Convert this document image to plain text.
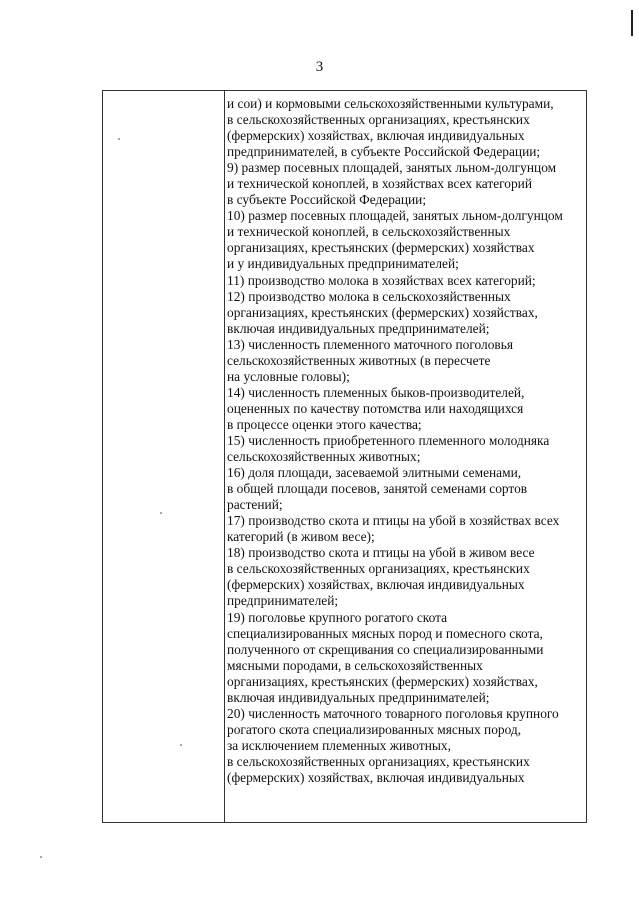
3
и сои) и кормовыми сельскохозяйственными культурами,
в сельскохозяйственных организациях, крестьянских
(фермерских) хозяйствах, включая индивидуальных
предпринимателей, в субъекте Российской Федерации;
9) размер посевных площадей, занятых льном-долгунцом
и технической коноплей, в хозяйствах всех категорий
в субъекте Российской Федерации;
10) размер посевных площадей, занятых льном-долгунцом
и технической коноплей, в сельскохозяйственных
организациях, крестьянских (фермерских) хозяйствах
и у индивидуальных предпринимателей;
11) производство молока в хозяйствах всех категорий;
12) производство молока в сельскохозяйственных
организациях, крестьянских (фермерских) хозяйствах,
включая индивидуальных предпринимателей;
13) численность племенного маточного поголовья
сельскохозяйственных животных (в пересчете
на условные головы);
14) численность племенных быков-производителей,
оцененных по качеству потомства или находящихся
в процессе оценки этого качества;
15) численность приобретенного племенного молодняка
сельскохозяйственных животных;
16) доля площади, засеваемой элитными семенами,
в общей площади посевов, занятой семенами сортов
растений;
17) производство скота и птицы на убой в хозяйствах всех
категорий (в живом весе);
18) производство скота и птицы на убой в живом весе
в сельскохозяйственных организациях, крестьянских
(фермерских) хозяйствах, включая индивидуальных
предпринимателей;
19) поголовье крупного рогатого скота
специализированных мясных пород и помесного скота,
полученного от скрещивания со специализированными
мясными породами, в сельскохозяйственных
организациях, крестьянских (фермерских) хозяйствах,
включая индивидуальных предпринимателей;
20) численность маточного товарного поголовья крупного
рогатого скота специализированных мясных пород,
за исключением племенных животных,
в сельскохозяйственных организациях, крестьянских
(фермерских) хозяйствах, включая индивидуальных
